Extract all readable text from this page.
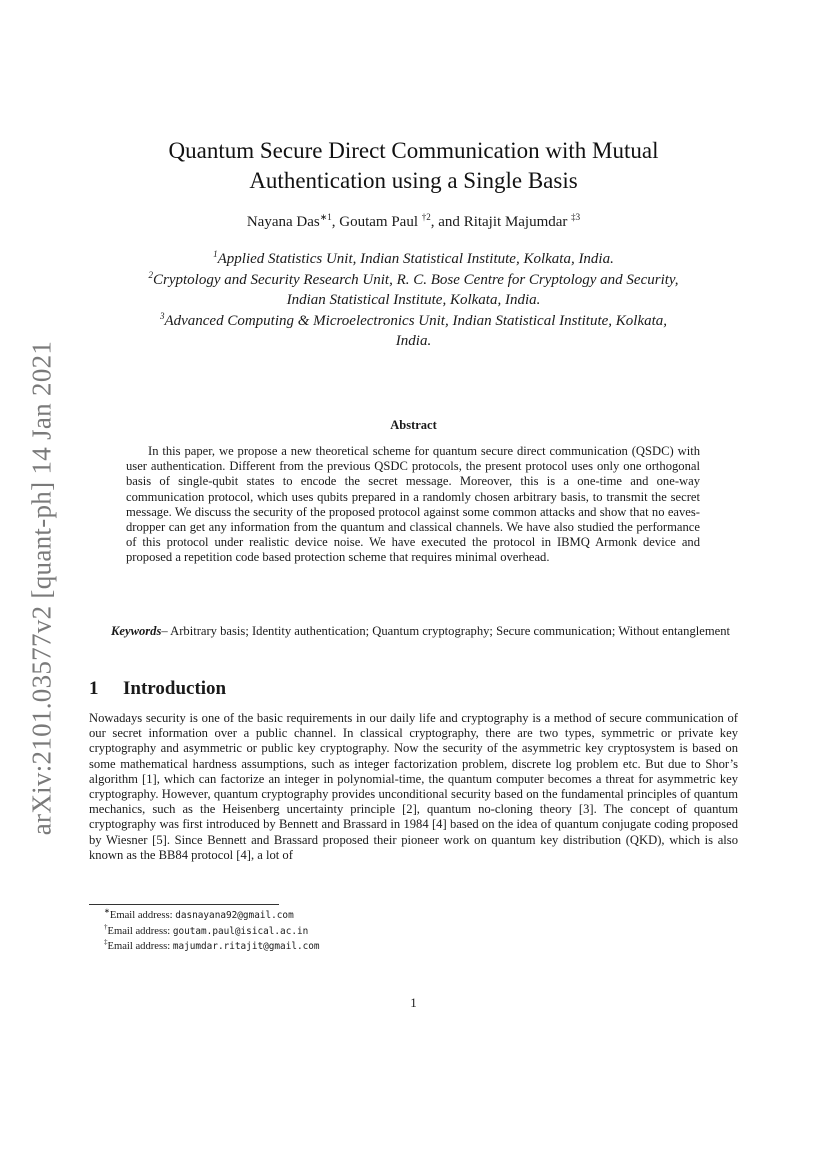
arXiv:2101.03577v2 [quant-ph] 14 Jan 2021
Quantum Secure Direct Communication with Mutual
Authentication using a Single Basis
Nayana Das$^{∗1}$, Goutam Paul $^{\dagger 2}$, and Ritajit Majumdar $^{\ddagger 3}$
$^1$Applied Statistics Unit, Indian Statistical Institute, Kolkata, India.
$^2$Cryptology and Security Research Unit, R. C. Bose Centre for Cryptology and Security,
Indian Statistical Institute, Kolkata, India.
$^3$Advanced Computing & Microelectronics Unit, Indian Statistical Institute, Kolkata,
India.
Abstract
In this paper, we propose a new theoretical scheme for quantum secure direct communication (QSDC) with user authentication. Different from the previous QSDC protocols, the present protocol uses only one orthogonal basis of single-qubit states to encode the secret message. Moreover, this is a one-time and one-way communication protocol, which uses qubits prepared in a randomly chosen arbitrary basis, to transmit the secret message. We discuss the security of the proposed protocol against some common attacks and show that no eavesdropper can get any information from the quantum and classical channels. We have also studied the performance of this protocol under realistic device noise. We have executed the protocol in IBMQ Armonk device and proposed a repetition code based protection scheme that requires minimal overhead.
Keywords– Arbitrary basis; Identity authentication; Quantum cryptography; Secure communication; Without entanglement
1 Introduction
Nowadays security is one of the basic requirements in our daily life and cryptography is a method of secure communication of our secret information over a public channel. In classical cryptography, there are two types, symmetric or private key cryptography and asymmetric or public key cryptography. Now the security of the asymmetric key cryptosystem is based on some mathematical hardness assumptions, such as integer factorization problem, discrete log problem etc. But due to Shor’s algorithm [1], which can factorize an integer in polynomial-time, the quantum computer becomes a threat for asymmetric key cryptography. However, quantum cryptography provides unconditional security based on the fundamental principles of quantum mechanics, such as the Heisenberg uncertainty principle [2], quantum no-cloning theory [3]. The concept of quantum cryptography was first introduced by Bennett and Brassard in 1984 [4] based on the idea of quantum conjugate coding proposed by Wiesner [5]. Since Bennett and Brassard proposed their pioneer work on quantum key distribution (QKD), which is also known as the BB84 protocol [4], a lot of
∗Email address: dasnayana92@gmail.com
†Email address: goutam.paul@isical.ac.in
‡Email address: majumdar.ritajit@gmail.com
1
